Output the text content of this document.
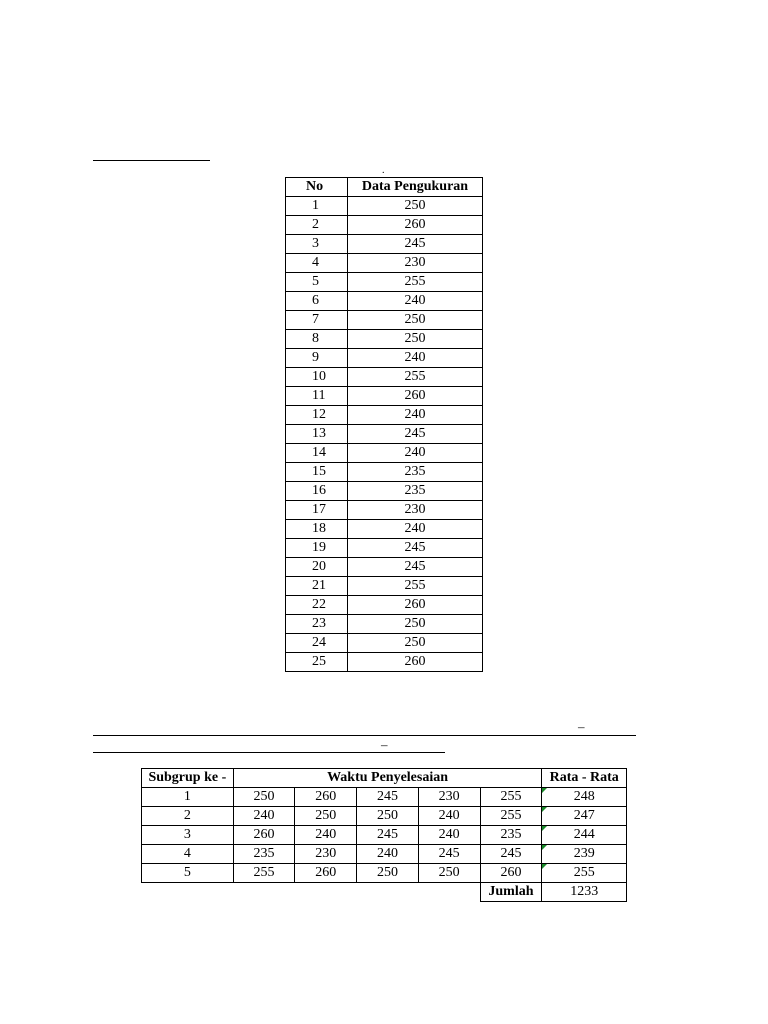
.
No	Data Pengukuran
1	250
2	260
3	245
4	230
5	255
6	240
7	250
8	250
9	240
10	255
11	260
12	240
13	245
14	240
15	235
16	235
17	230
18	240
19	245
20	245
21	255
22	260
23	250
24	250
25	260
–
–
Subgrup ke -	Waktu Penyelesaian					Rata - Rata
1	250	260	245	230	255	248
2	240	250	250	240	255	247
3	260	240	245	240	235	244
4	235	230	240	245	245	239
5	255	260	250	250	260	255
					Jumlah	1233
